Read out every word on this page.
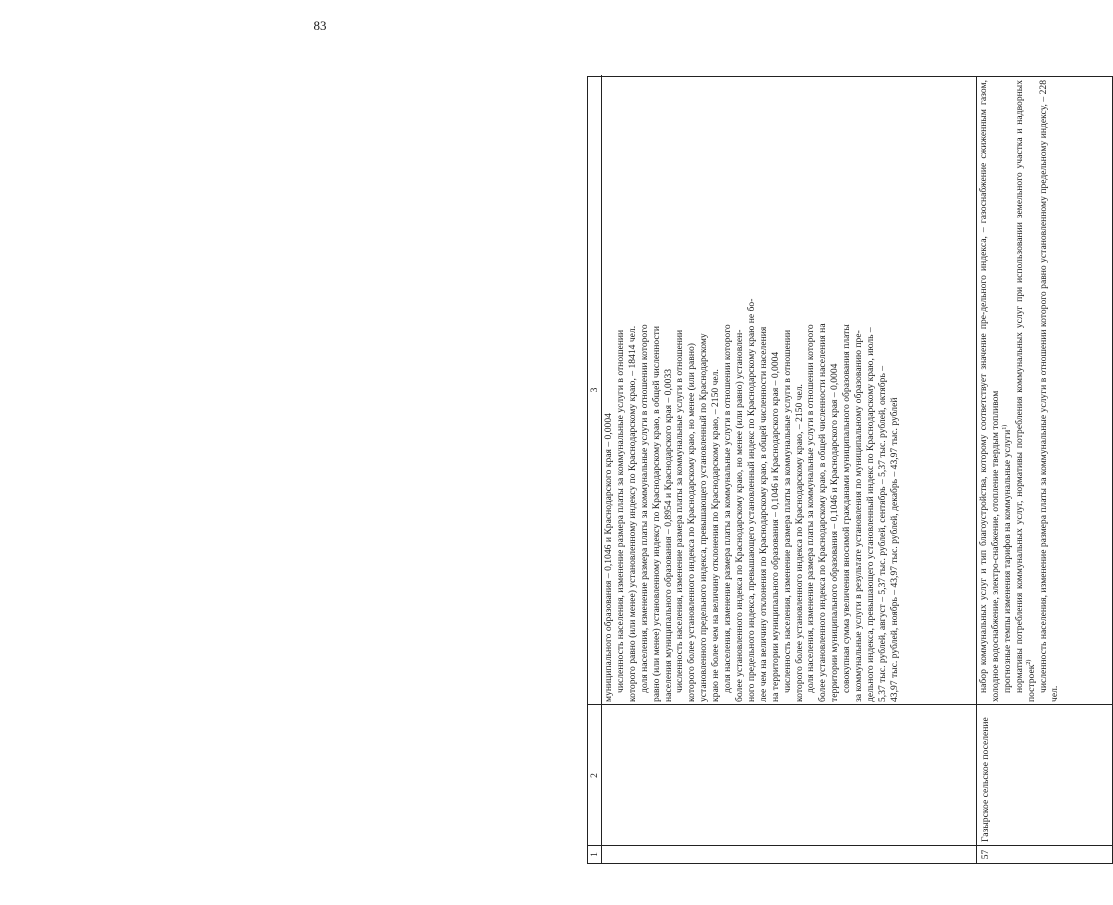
83
1
2
3

муниципального образования – 0,1046 и Краснодарского края – 0,0004 численность населения, изменение размера платы за коммунальные услуги в отношении которого равно (или менее) установленному индексу по Краснодарскому краю, – 18414 чел. доля населения, изменение размера платы за коммунальные услуги в отношении которого равно (или менее) установленному индексу по Краснодарскому краю, в общей численности населения муниципального образования – 0,8954 и Краснодарского края – 0,0033 численность населения, изменение размера платы за коммунальные услуги в отношении которого более установленного индекса по Краснодарскому краю, но менее (или равно) установленного предельного индекса, превышающего установленный по Краснодарскому краю не более чем на величину отклонения по Краснодарскому краю, – 2150 чел. доля населения, изменение размера платы за коммунальные услуги в отношении которого более установленного индекса по Краснодарскому краю, но менее (или равно) установлен- ного предельного индекса, превышающего установленный индекс по Краснодарскому краю не бо- лее чем на величину отклонения по Краснодарскому краю, в общей численности населения на территории муниципального образования – 0,1046 и Краснодарского края – 0,0004 численность населения, изменение размера платы за коммунальные услуги в отношении которого более установленного индекса по Краснодарскому краю, – 2150 чел. доля населения, изменение размера платы за коммунальные услуги в отношении которого более установленного индекса по Краснодарскому краю, в общей численности населения на территории муниципального образования – 0,1046 и Краснодарского края – 0,0004 совокупная сумма увеличения вносимой гражданами муниципального образования платы за коммунальные услуги в результате установления по муниципальному образованию пре- дельного индекса, превышающего установленный индекс по Краснодарскому краю, июль – 5,37 тыс. рублей, август – 5,37 тыс. рублей, сентябрь – 5,37 тыс. рублей, октябрь – 43,97 тыс. рублей, ноябрь – 43,97 тыс. рублей, декабрь – 43,97 тыс. рублей

57
Газырское сельское поселение

набор коммунальных услуг и тип благоустройства, которому соответствует значение пре-дельного индекса, – газоснабжение сжиженным газом, холодное водоснабжение, электро-снабжение, отопление твердым топливом прогнозные темпы изменения тарифов на коммунальные услуги$^{1)}$ нормативы потребления коммунальных услуг, нормативы потребления коммунальных услуг при использовании земельного участка и надворных построек$^{2)}$ численность населения, изменение размера платы за коммунальные услуги в отношении которого равно установленному предельному индексу, – 228 чел.
